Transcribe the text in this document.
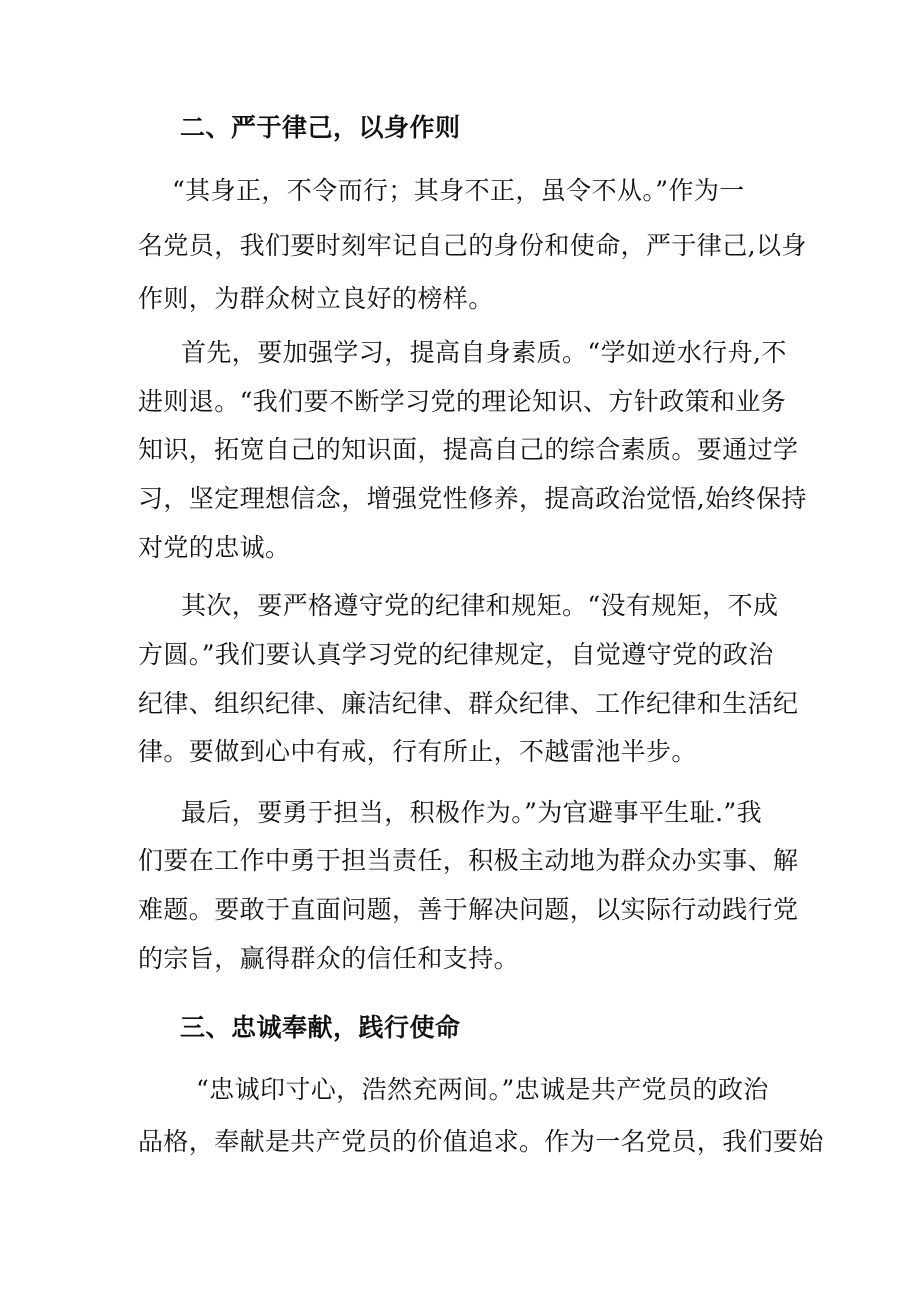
二、严于律己，以身作则

“其身正，不令而行；其身不正，虽令不从。”作为一

名党员，我们要时刻牢记自己的身份和使命，严于律己,以身

作则，为群众树立良好的榜样。

首先，要加强学习，提高自身素质。“学如逆水行舟,不

进则退。“我们要不断学习党的理论知识、方针政策和业务

知识，拓宽自己的知识面，提高自己的综合素质。要通过学

习，坚定理想信念，增强党性修养，提高政治觉悟,始终保持

对党的忠诚。

其次，要严格遵守党的纪律和规矩。“没有规矩，不成

方圆。”我们要认真学习党的纪律规定，自觉遵守党的政治

纪律、组织纪律、廉洁纪律、群众纪律、工作纪律和生活纪

律。要做到心中有戒，行有所止，不越雷池半步。

最后，要勇于担当，积极作为。”为官避事平生耻.”我

们要在工作中勇于担当责任，积极主动地为群众办实事、解

难题。要敢于直面问题，善于解决问题，以实际行动践行党

的宗旨，赢得群众的信任和支持。

三、忠诚奉献，践行使命

“忠诚印寸心，浩然充两间。”忠诚是共产党员的政治

品格，奉献是共产党员的价值追求。作为一名党员，我们要始
